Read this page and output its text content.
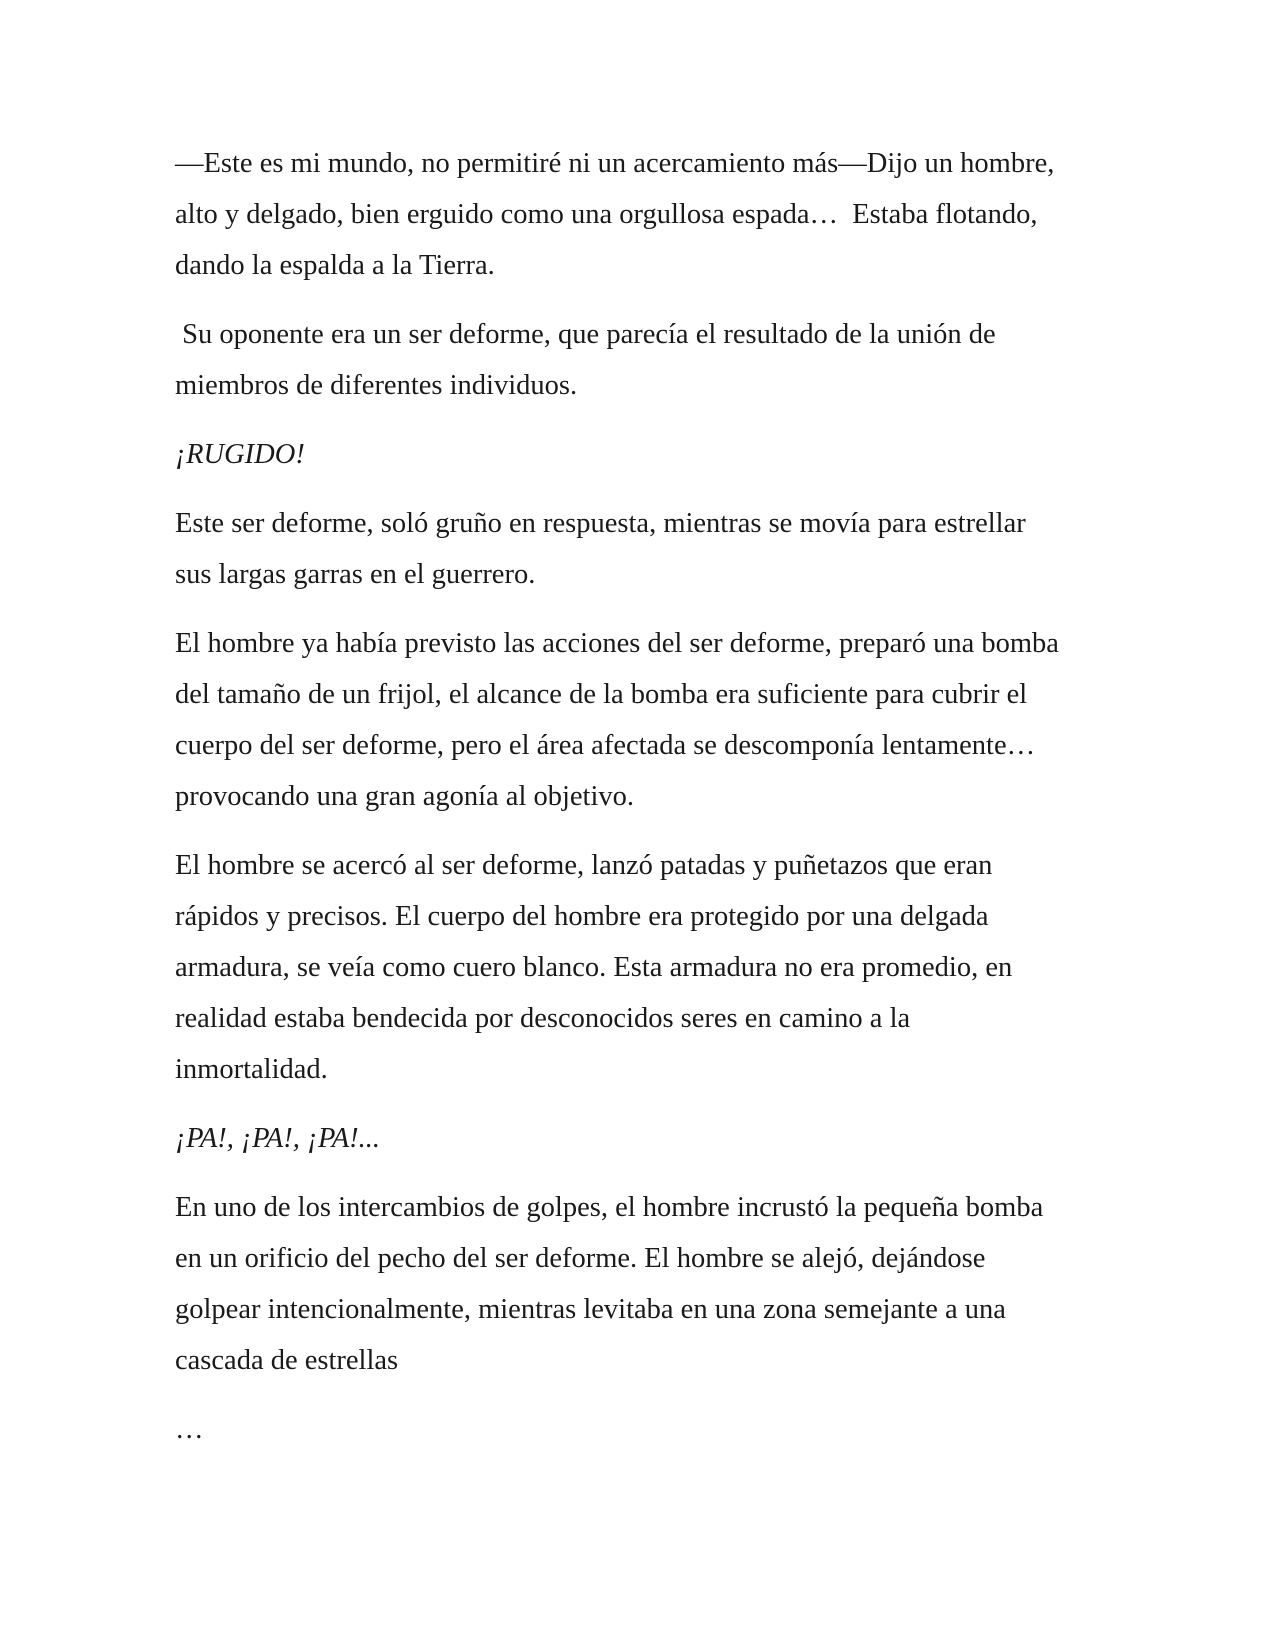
—Este es mi mundo, no permitiré ni un acercamiento más—Dijo un hombre,
alto y delgado, bien erguido como una orgullosa espada…  Estaba flotando,
dando la espalda a la Tierra.
Su oponente era un ser deforme, que parecía el resultado de la unión de
miembros de diferentes individuos.
¡RUGIDO!
Este ser deforme, soló gruño en respuesta, mientras se movía para estrellar
sus largas garras en el guerrero.
El hombre ya había previsto las acciones del ser deforme, preparó una bomba
del tamaño de un frijol, el alcance de la bomba era suficiente para cubrir el
cuerpo del ser deforme, pero el área afectada se descomponía lentamente…
provocando una gran agonía al objetivo.
El hombre se acercó al ser deforme, lanzó patadas y puñetazos que eran
rápidos y precisos. El cuerpo del hombre era protegido por una delgada
armadura, se veía como cuero blanco. Esta armadura no era promedio, en
realidad estaba bendecida por desconocidos seres en camino a la
inmortalidad.
¡PA!, ¡PA!, ¡PA!...
En uno de los intercambios de golpes, el hombre incrustó la pequeña bomba
en un orificio del pecho del ser deforme. El hombre se alejó, dejándose
golpear intencionalmente, mientras levitaba en una zona semejante a una
cascada de estrellas
…
